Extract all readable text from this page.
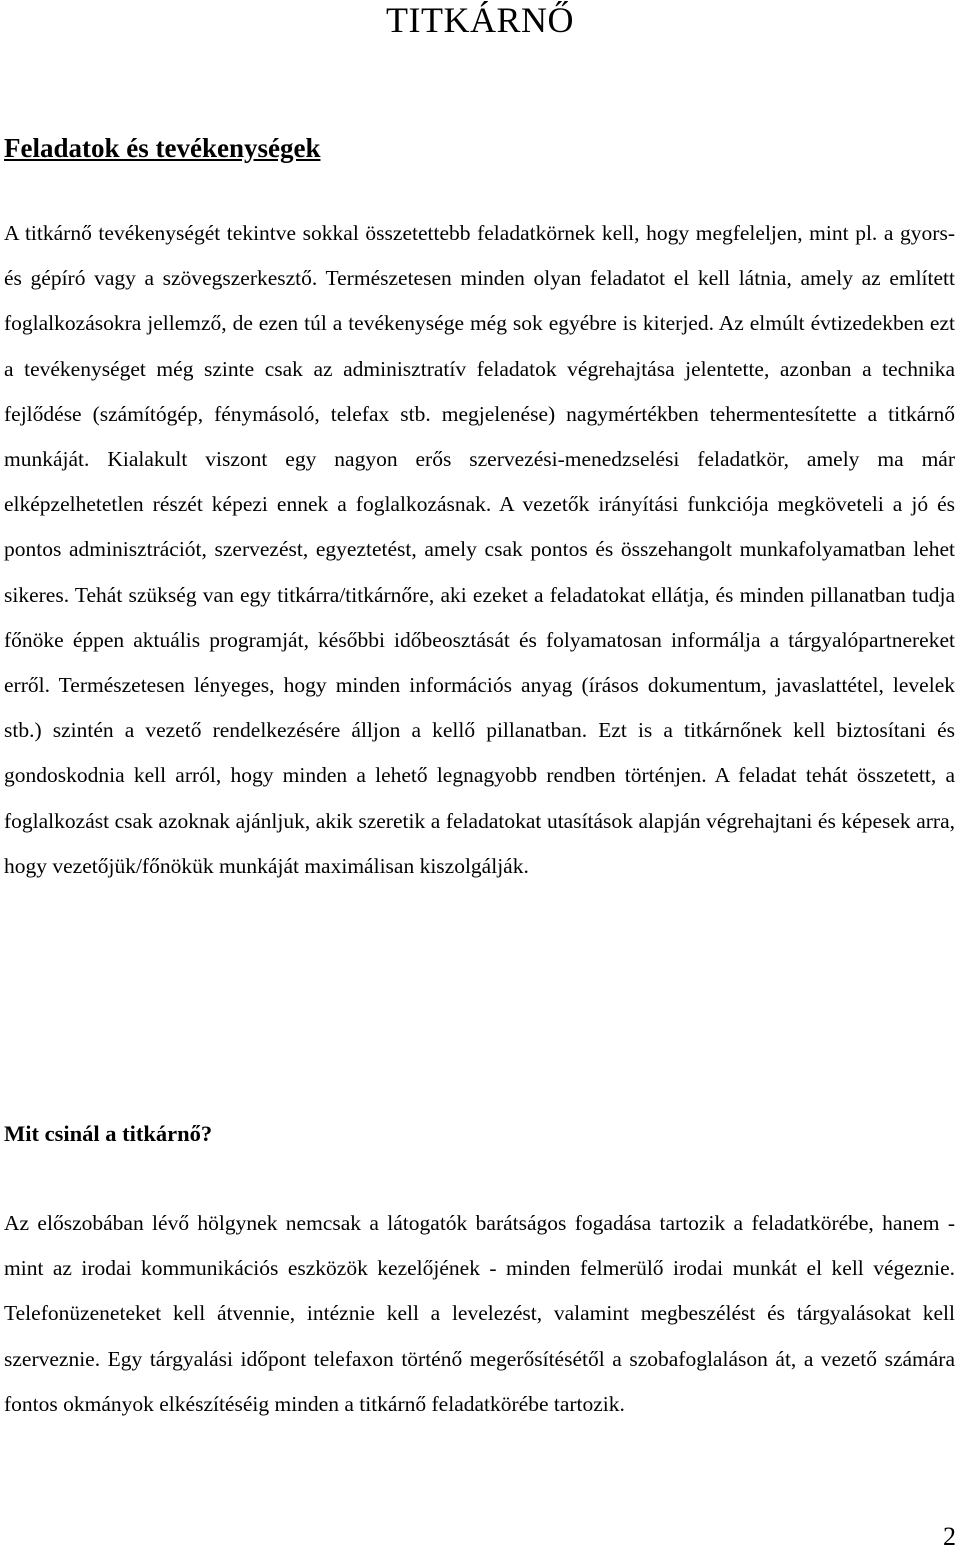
TITKÁRNŐ
Feladatok és tevékenységek

A titkárnő tevékenységét tekintve sokkal összetettebb feladatkörnek kell, hogy megfeleljen, mint pl. a gyors- és gépíró vagy a szövegszerkesztő. Természetesen minden olyan feladatot el kell látnia, amely az említett foglalkozásokra jellemző, de ezen túl a tevékenysége még sok egyébre is kiterjed. Az elmúlt évtizedekben ezt a tevékenységet még szinte csak az adminisztratív feladatok végrehajtása jelentette, azonban a technika fejlődése (számítógép, fénymásoló, telefax stb. megjelenése) nagymértékben tehermentesítette a titkárnő munkáját. Kialakult viszont egy nagyon erős szervezési-menedzselési feladatkör, amely ma már elképzelhetetlen részét képezi ennek a foglalkozásnak. A vezetők irányítási funkciója megköveteli a jó és pontos adminisztrációt, szervezést, egyeztetést, amely csak pontos és összehangolt munkafolyamatban lehet sikeres. Tehát szükség van egy titkárra/titkárnőre, aki ezeket a feladatokat ellátja, és minden pillanatban tudja főnöke éppen aktuális programját, későbbi időbeosztását és folyamatosan informálja a tárgyalópartnereket erről. Természetesen lényeges, hogy minden információs anyag (írásos dokumentum, javaslattétel, levelek stb.) szintén a vezető rendelkezésére álljon a kellő pillanatban. Ezt is a titkárnőnek kell biztosítani és gondoskodnia kell arról, hogy minden a lehető legnagyobb rendben történjen. A feladat tehát összetett, a foglalkozást csak azoknak ajánljuk, akik szeretik a feladatokat utasítások alapján végrehajtani és képesek arra, hogy vezetőjük/főnökük munkáját maximálisan kiszolgálják.

Mit csinál a titkárnő?

Az előszobában lévő hölgynek nemcsak a látogatók barátságos fogadása tartozik a feladatkörébe, hanem - mint az irodai kommunikációs eszközök kezelőjének - minden felmerülő irodai munkát el kell végeznie. Telefonüzeneteket kell átvennie, intéznie kell a levelezést, valamint megbeszélést és tárgyalásokat kell szerveznie. Egy tárgyalási időpont telefaxon történő megerősítésétől a szobafoglaláson át, a vezető számára fontos okmányok elkészítéséig minden a titkárnő feladatkörébe tartozik.

2
